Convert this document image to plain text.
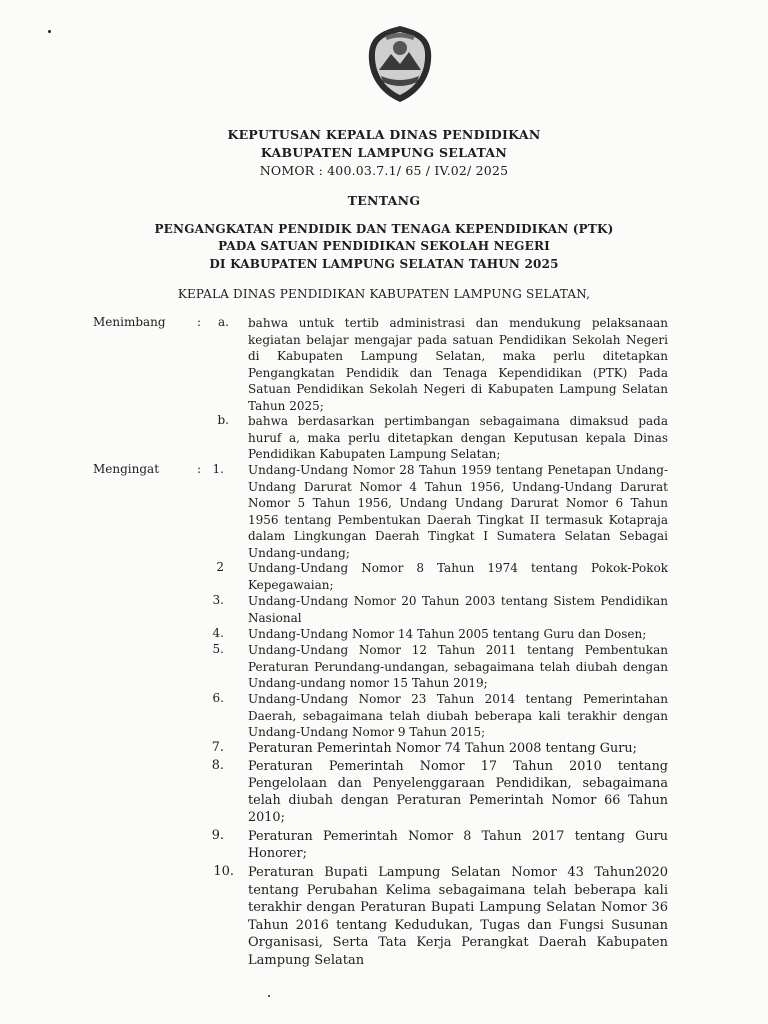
KEPUTUSAN KEPALA DINAS PENDIDIKAN
KABUPATEN LAMPUNG SELATAN
NOMOR : 400.03.7.1/ 65 / IV.02/ 2025
TENTANG
PENGANGKATAN PENDIDIK DAN TENAGA KEPENDIDIKAN (PTK)
PADA SATUAN PENDIDIKAN SEKOLAH NEGERI
DI KABUPATEN LAMPUNG SELATAN TAHUN 2025
KEPALA DINAS PENDIDIKAN KABUPATEN LAMPUNG SELATAN,
Menimbang	:	a. bahwa untuk tertib administrasi dan mendukung pelaksanaan kegiatan belajar mengajar pada satuan Pendidikan Sekolah Negeri di Kabupaten Lampung Selatan, maka perlu ditetapkan Pengangkatan Pendidik dan Tenaga Kependidikan (PTK) Pada Satuan Pendidikan Sekolah Negeri di Kabupaten Lampung Selatan Tahun 2025;
b. bahwa berdasarkan pertimbangan sebagaimana dimaksud pada huruf a, maka perlu ditetapkan dengan Keputusan kepala Dinas Pendidikan Kabupaten Lampung Selatan;
Mengingat	: 1. Undang-Undang Nomor 28 Tahun 1959 tentang Penetapan Undang-Undang Darurat Nomor 4 Tahun 1956, Undang-Undang Darurat Nomor 5 Tahun 1956, Undang Undang Darurat Nomor 6 Tahun 1956 tentang Pembentukan Daerah Tingkat II termasuk Kotapraja dalam Lingkungan Daerah Tingkat I Sumatera Selatan Sebagai Undang-undang;
2 Undang-Undang Nomor 8 Tahun 1974 tentang Pokok-Pokok Kepegawaian;
3. Undang-Undang Nomor 20 Tahun 2003 tentang Sistem Pendidikan Nasional
4. Undang-Undang Nomor 14 Tahun 2005 tentang Guru dan Dosen;
5. Undang-Undang Nomor 12 Tahun 2011 tentang Pembentukan Peraturan Perundang-undangan, sebagaimana telah diubah dengan Undang-undang nomor 15 Tahun 2019;
6. Undang-Undang Nomor 23 Tahun 2014 tentang Pemerintahan Daerah, sebagaimana telah diubah beberapa kali terakhir dengan Undang-Undang Nomor 9 Tahun 2015;
7. Peraturan Pemerintah Nomor 74 Tahun 2008 tentang Guru;
8. Peraturan Pemerintah Nomor 17 Tahun 2010 tentang Pengelolaan dan Penyelenggaraan Pendidikan, sebagaimana telah diubah dengan Peraturan Pemerintah Nomor 66 Tahun 2010;
9. Peraturan Pemerintah Nomor 8 Tahun 2017 tentang Guru Honorer;
10. Peraturan Bupati Lampung Selatan Nomor 43 Tahun2020 tentang Perubahan Kelima sebagaimana telah beberapa kali terakhir dengan Peraturan Bupati Lampung Selatan Nomor 36 Tahun 2016 tentang Kedudukan, Tugas dan Fungsi Susunan Organisasi, Serta Tata Kerja Perangkat Daerah Kabupaten Lampung Selatan
